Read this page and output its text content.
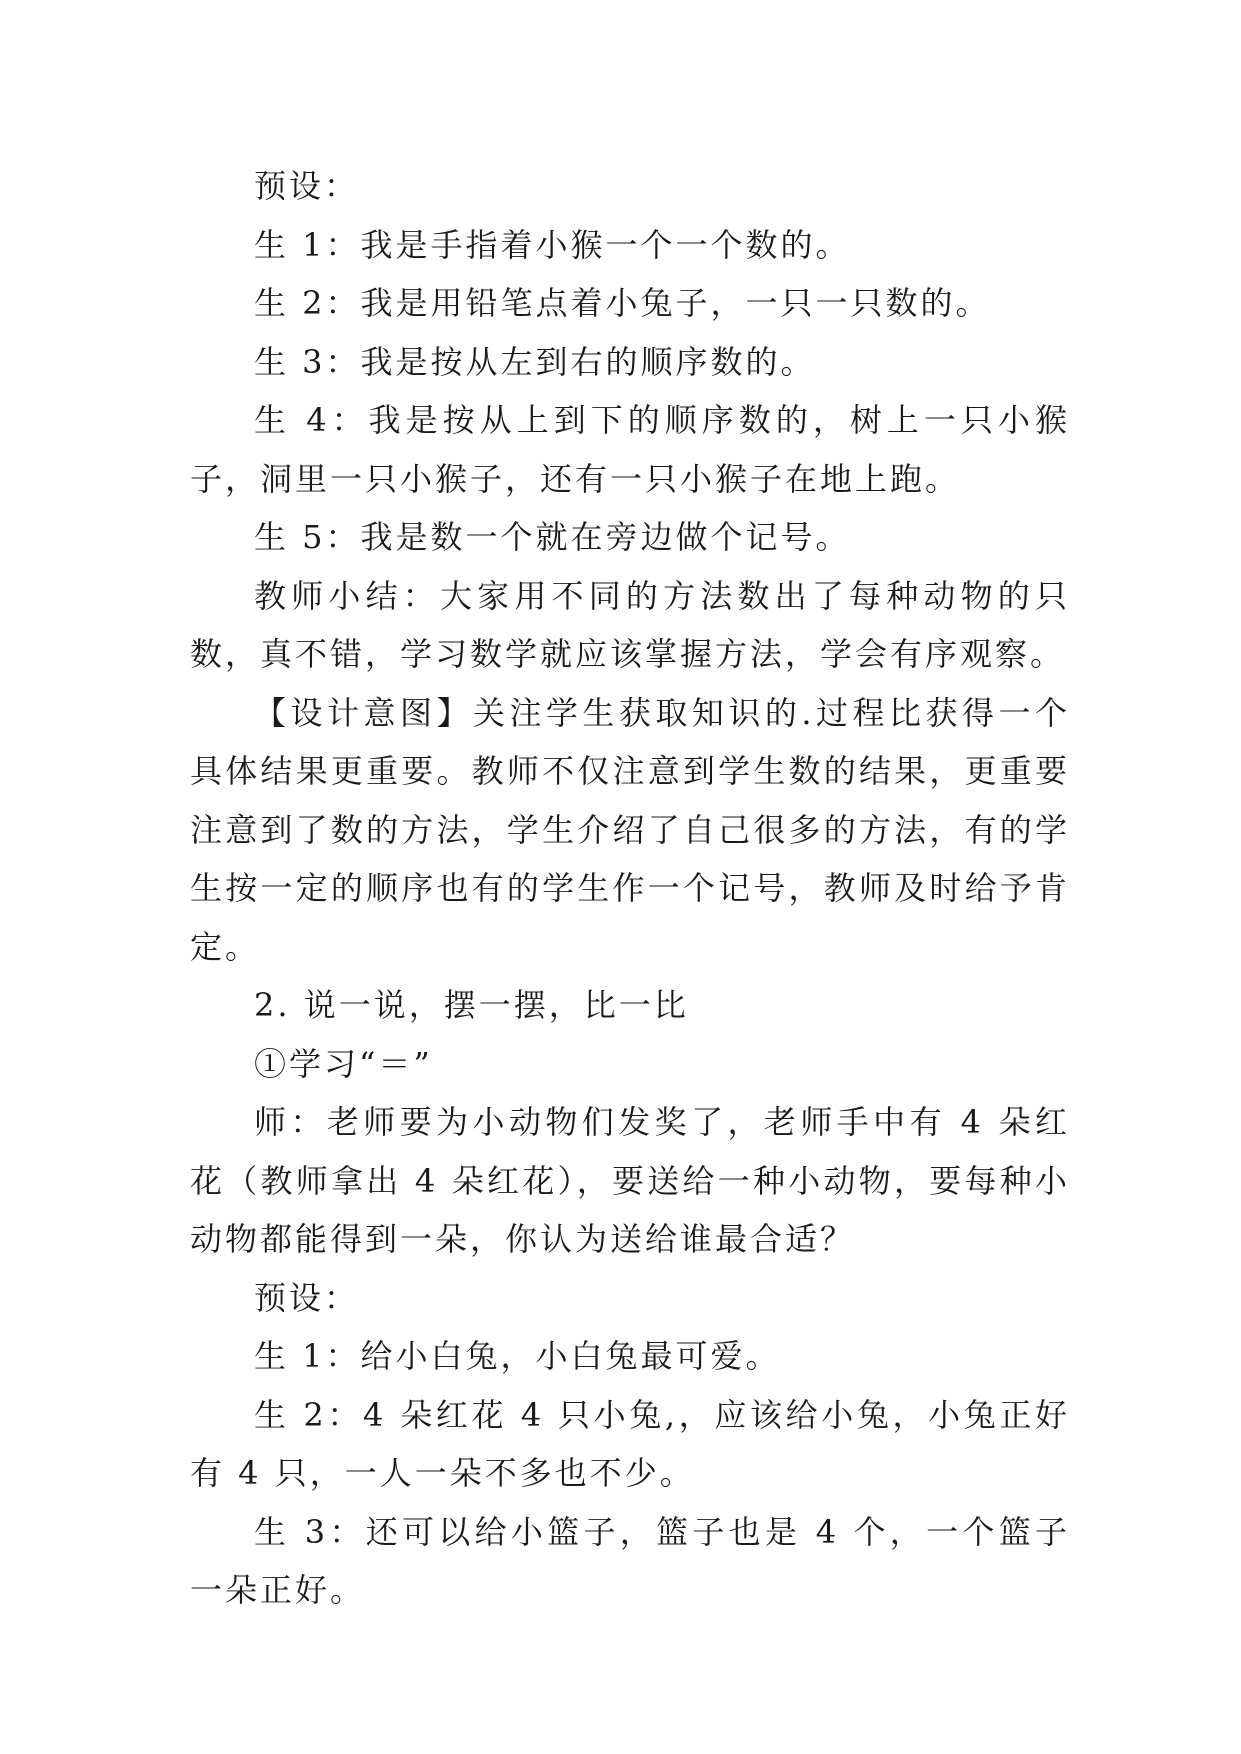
预设：

生 1：我是手指着小猴一个一个数的。

生 2：我是用铅笔点着小兔子，一只一只数的。

生 3：我是按从左到右的顺序数的。

生 4：我是按从上到下的顺序数的，树上一只小猴子，洞里一只小猴子，还有一只小猴子在地上跑。

生 5：我是数一个就在旁边做个记号。

教师小结：大家用不同的方法数出了每种动物的只数，真不错，学习数学就应该掌握方法，学会有序观察。

【设计意图】关注学生获取知识的.过程比获得一个具体结果更重要。教师不仅注意到学生数的结果，更重要注意到了数的方法，学生介绍了自己很多的方法，有的学生按一定的顺序也有的学生作一个记号，教师及时给予肯定。

2. 说一说，摆一摆，比一比

①学习“＝”

师：老师要为小动物们发奖了，老师手中有 4 朵红花（教师拿出 4 朵红花），要送给一种小动物，要每种小动物都能得到一朵，你认为送给谁最合适？

预设：

生 1：给小白兔，小白兔最可爱。

生 2：4 朵红花 4 只小兔,，应该给小兔，小兔正好有 4 只，一人一朵不多也不少。

生 3：还可以给小篮子，篮子也是 4 个，一个篮子一朵正好。
